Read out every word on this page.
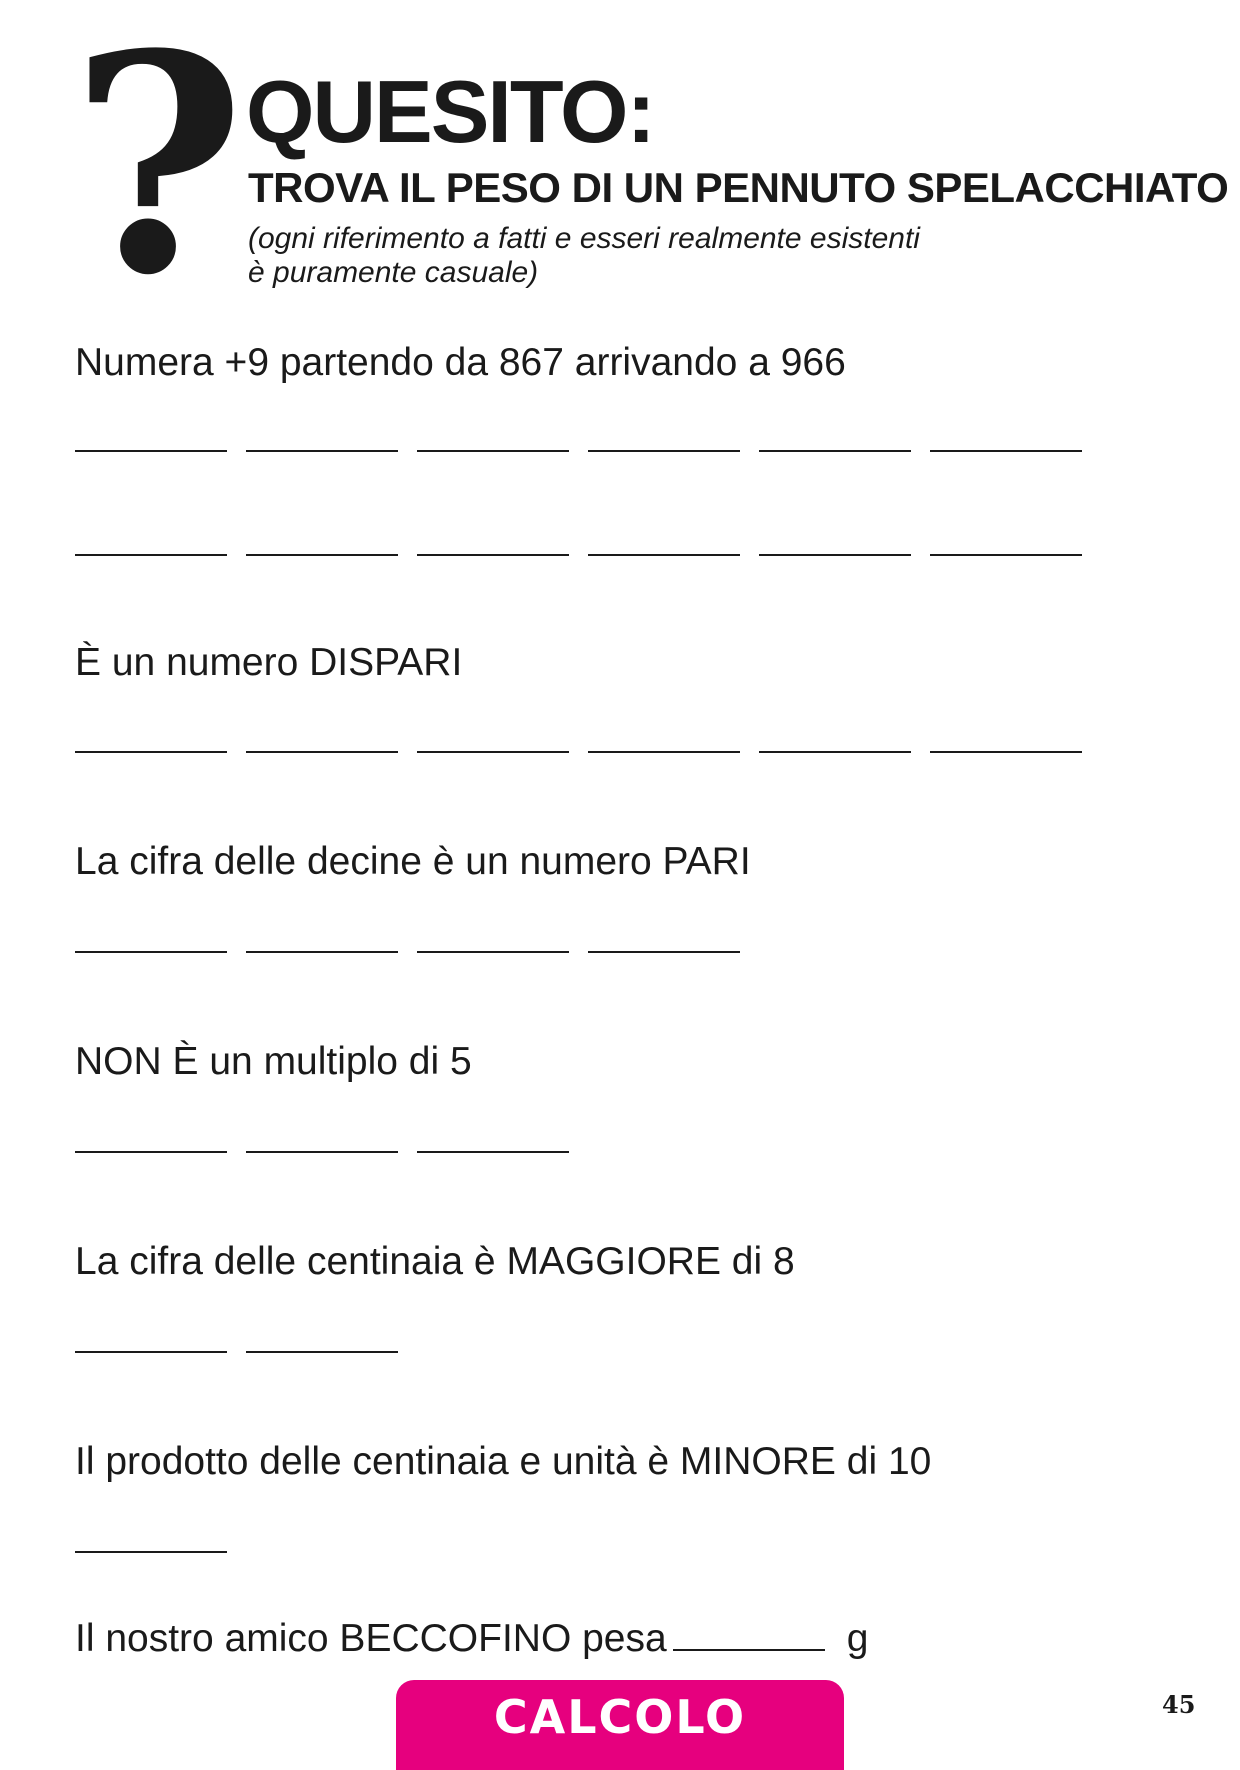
? QUESITO:
TROVA IL PESO DI UN PENNUTO SPELACCHIATO
(ogni riferimento a fatti e esseri realmente esistenti
è puramente casuale)

Numera +9 partendo da 867 arrivando a 966

È un numero DISPARI

La cifra delle decine è un numero PARI

NON È un multiplo di 5

La cifra delle centinaia è MAGGIORE di 8

Il prodotto delle centinaia e unità è MINORE di 10

Il nostro amico BECCOFINO pesa	g

CALCOLO	45
